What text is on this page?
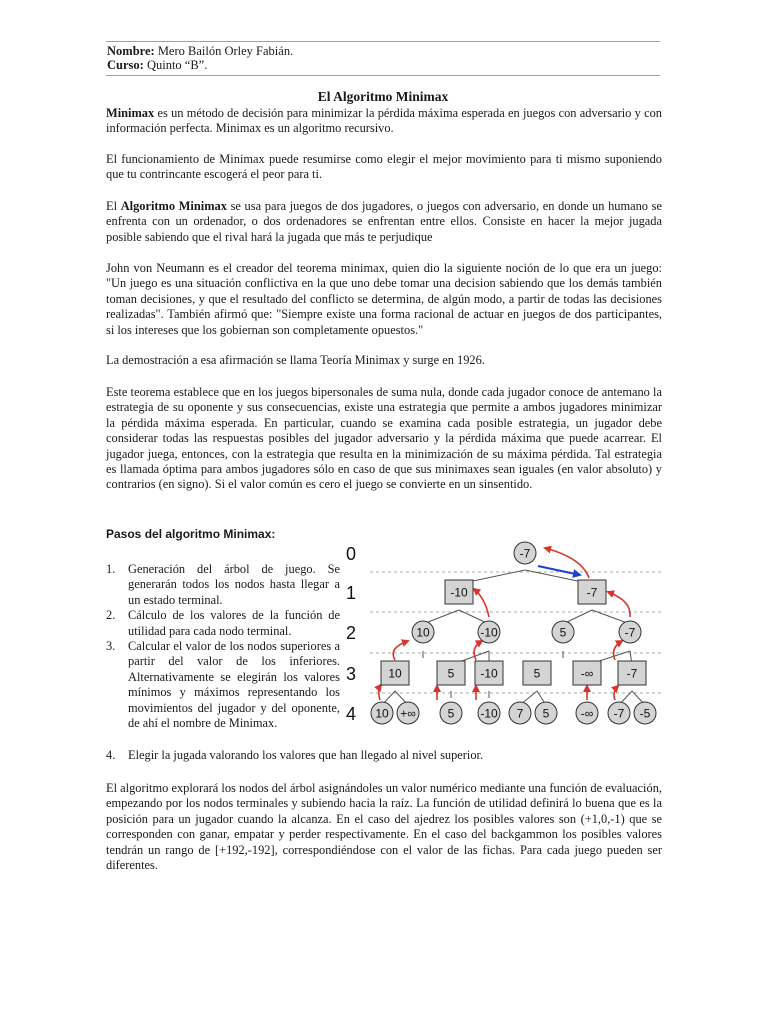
Nombre: Mero Bailón Orley Fabián.
Curso: Quinto “B”.
El Algoritmo Minimax

Minimax es un método de decisión para minimizar la pérdida máxima esperada en juegos con adversario y con información perfecta. Minimax es un algoritmo recursivo.

El funcionamiento de Minimax puede resumirse como elegir el mejor movimiento para ti mismo suponiendo que tu contrincante escogerá el peor para ti.

El Algoritmo Minimax se usa para juegos de dos jugadores, o juegos con adversario, en donde un humano se enfrenta con un ordenador, o dos ordenadores se enfrentan entre ellos. Consiste en hacer la mejor jugada posible sabiendo que el rival hará la jugada que más te perjudique

John von Neumann es el creador del teorema minimax, quien dio la siguiente noción de lo que era un juego: "Un juego es una situación conflictiva en la que uno debe tomar una decision sabiendo que los demás también toman decisiones, y que el resultado del conflicto se determina, de algún modo, a partir de todas las decisiones realizadas". También afirmó que: "Siempre existe una forma racional de actuar en juegos de dos participantes, si los intereses que los gobiernan son completamente opuestos."

La demostración a esa afirmación se llama Teoría Minimax y surge en 1926.

Este teorema establece que en los juegos bipersonales de suma nula, donde cada jugador conoce de antemano la estrategia de su oponente y sus consecuencias, existe una estrategia que permite a ambos jugadores minimizar la pérdida máxima esperada. En particular, cuando se examina cada posible estrategia, un jugador debe considerar todas las respuestas posibles del jugador adversario y la pérdida máxima que puede acarrear. El jugador juega, entonces, con la estrategia que resulta en la minimización de su máxima pérdida. Tal estrategia es llamada óptima para ambos jugadores sólo en caso de que sus minimaxes sean iguales (en valor absoluto) y contrarios (en signo). Si el valor común es cero el juego se convierte en un sinsentido.

Pasos del algoritmo Minimax:
1. Generación del árbol de juego. Se generarán todos los nodos hasta llegar a un estado terminal.
2. Cálculo de los valores de la función de utilidad para cada nodo terminal.
3. Calcular el valor de los nodos superiores a partir del valor de los inferiores. Alternativamente se elegirán los valores mínimos y máximos representando los movimientos del jugador y del oponente, de ahí el nombre de Minimax.
4. Elegir la jugada valorando los valores que han llegado al nivel superior.

El algoritmo explorará los nodos del árbol asignándoles un valor numérico mediante una función de evaluación, empezando por los nodos terminales y subiendo hacia la raíz. La función de utilidad definirá lo buena que es la posición para un jugador cuando la alcanza. En el caso del ajedrez los posibles valores son (+1,0,-1) que se corresponden con ganar, empatar y perder respectivamente. En el caso del backgammon los posibles valores tendrán un rango de [+192,-192], correspondiéndose con el valor de las fichas. Para cada juego pueden ser diferentes.

0
1
2
3
4
-7
-10	-7
10	-10	5	-7
10	5 -10	5	-∞	-7
10 +∞	5 -10 7 5	-∞ -7 -5
